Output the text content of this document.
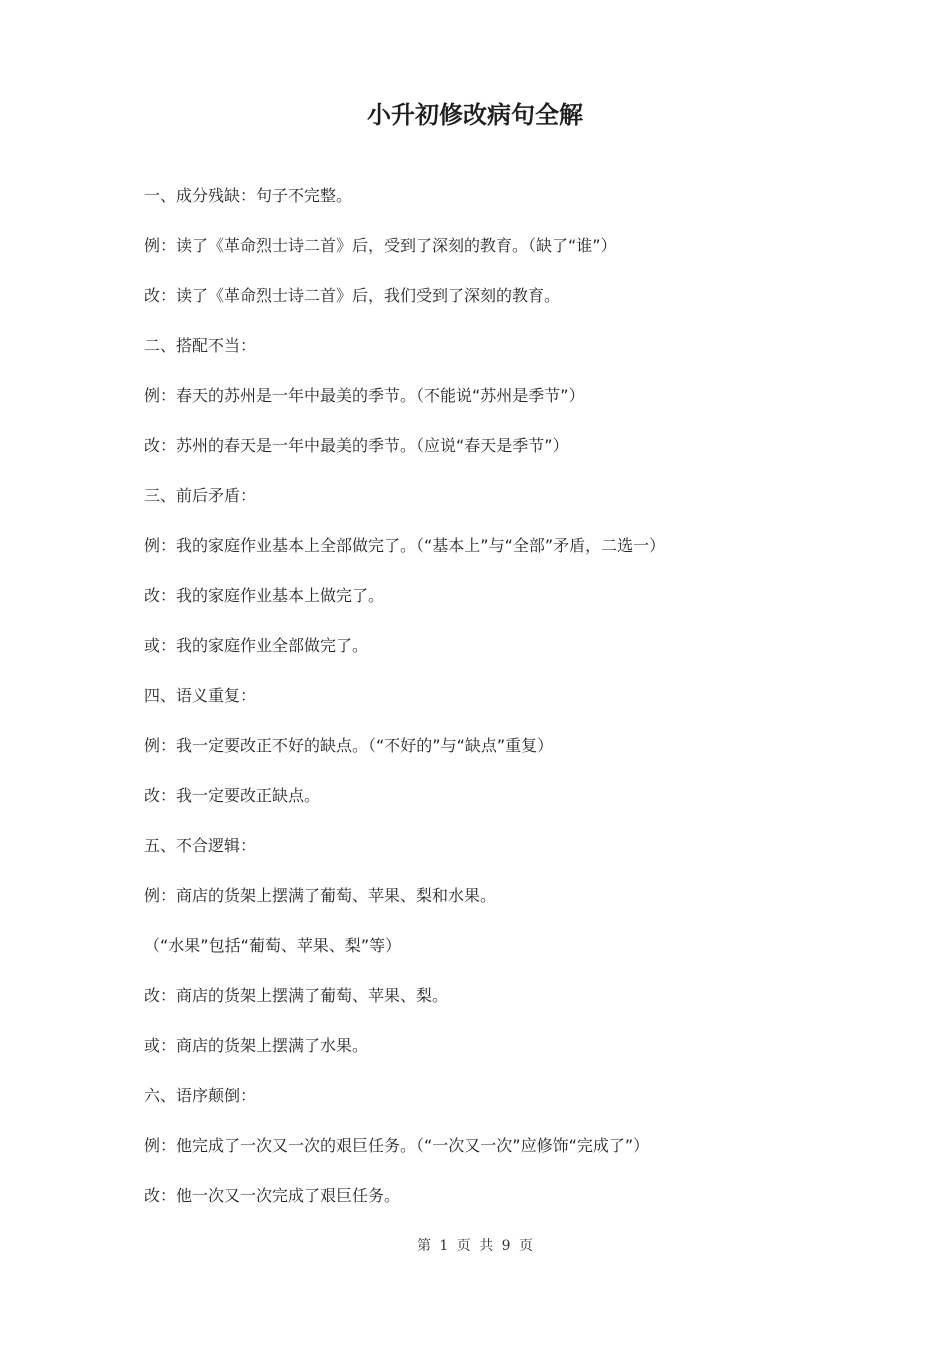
小升初修改病句全解
一、成分残缺：句子不完整。
例：读了《革命烈士诗二首》后，受到了深刻的教育。（缺了“谁”）
改：读了《革命烈士诗二首》后，我们受到了深刻的教育。
二、搭配不当：
例：春天的苏州是一年中最美的季节。（不能说“苏州是季节”）
改：苏州的春天是一年中最美的季节。（应说“春天是季节”）
三、前后矛盾：
例：我的家庭作业基本上全部做完了。（“基本上”与“全部”矛盾，二选一）
改：我的家庭作业基本上做完了。
或：我的家庭作业全部做完了。
四、语义重复：
例：我一定要改正不好的缺点。（“不好的”与“缺点”重复）
改：我一定要改正缺点。
五、不合逻辑：
例：商店的货架上摆满了葡萄、苹果、梨和水果。
（“水果”包括“葡萄、苹果、梨”等）
改：商店的货架上摆满了葡萄、苹果、梨。
或：商店的货架上摆满了水果。
六、语序颠倒：
例：他完成了一次又一次的艰巨任务。（“一次又一次”应修饰“完成了”）
改：他一次又一次完成了艰巨任务。
第 1 页 共 9 页
